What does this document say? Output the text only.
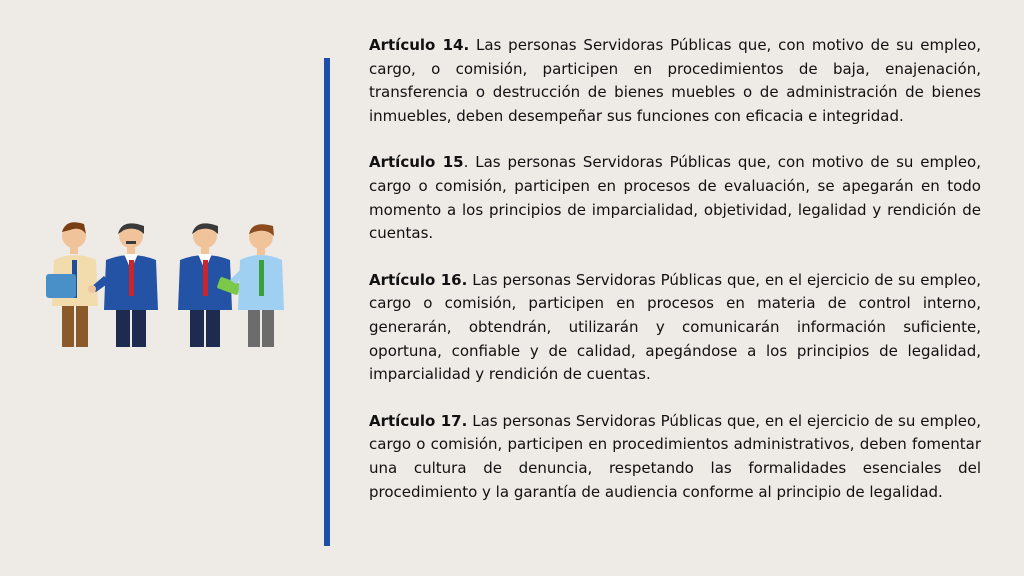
Artículo 14. Las personas Servidoras Públicas que, con motivo de su empleo, cargo, o comisión, participen en procedimientos de baja, enajenación, transferencia o destrucción de bienes muebles o de administración de bienes inmuebles, deben desempeñar sus funciones con eficacia e integridad.

Artículo 15. Las personas Servidoras Públicas que, con motivo de su empleo, cargo o comisión, participen en procesos de evaluación, se apegarán en todo momento a los principios de imparcialidad, objetividad, legalidad y rendición de cuentas.

Artículo 16. Las personas Servidoras Públicas que, en el ejercicio de su empleo, cargo o comisión, participen en procesos en materia de control interno, generarán, obtendrán, utilizarán y comunicarán información suficiente, oportuna, confiable y de calidad, apegándose a los principios de legalidad, imparcialidad y rendición de cuentas.

Artículo 17. Las personas Servidoras Públicas que, en el ejercicio de su empleo, cargo o comisión, participen en procedimientos administrativos, deben fomentar una cultura de denuncia, respetando las formalidades esenciales del procedimiento y la garantía de audiencia conforme al principio de legalidad.
